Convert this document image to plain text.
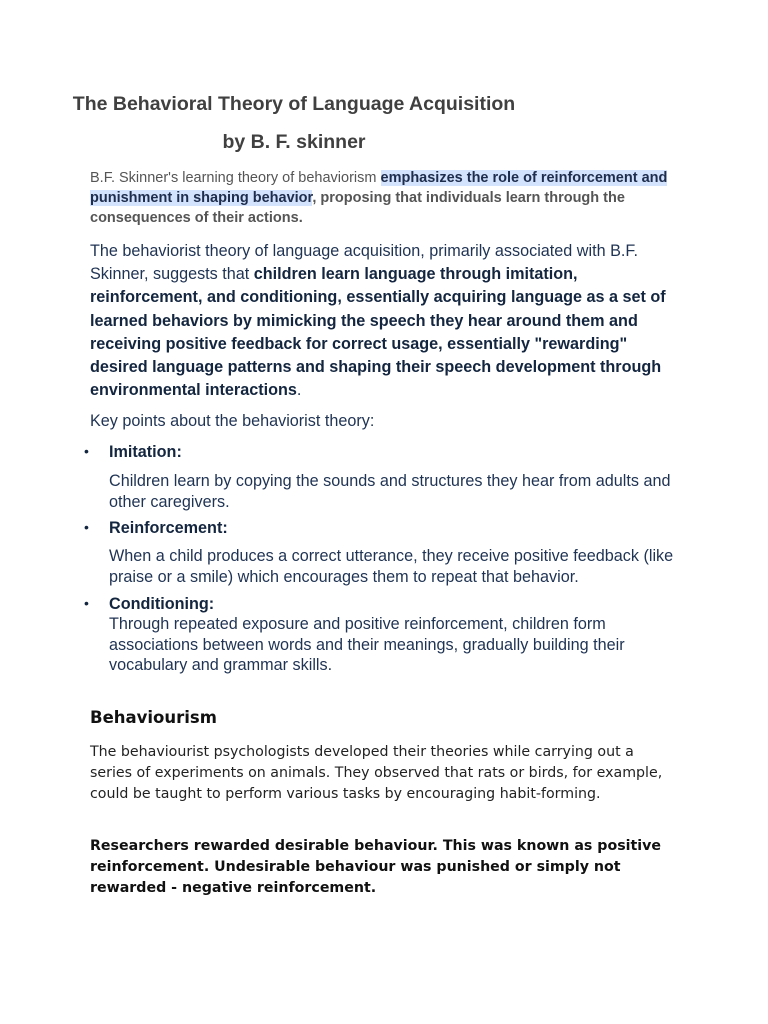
The Behavioral Theory of Language Acquisition
by B. F. skinner

B.F. Skinner's learning theory of behaviorism emphasizes the role of reinforcement and punishment in shaping behavior, proposing that individuals learn through the consequences of their actions.

The behaviorist theory of language acquisition, primarily associated with B.F. Skinner, suggests that children learn language through imitation, reinforcement, and conditioning, essentially acquiring language as a set of learned behaviors by mimicking the speech they hear around them and receiving positive feedback for correct usage, essentially "rewarding" desired language patterns and shaping their speech development through environmental interactions.

Key points about the behaviorist theory:

• Imitation:

Children learn by copying the sounds and structures they hear from adults and other caregivers.

• Reinforcement:

When a child produces a correct utterance, they receive positive feedback (like praise or a smile) which encourages them to repeat that behavior.

• Conditioning:

Through repeated exposure and positive reinforcement, children form associations between words and their meanings, gradually building their vocabulary and grammar skills.

Behaviourism

The behaviourist psychologists developed their theories while carrying out a series of experiments on animals. They observed that rats or birds, for example, could be taught to perform various tasks by encouraging habit-forming.

Researchers rewarded desirable behaviour. This was known as positive reinforcement. Undesirable behaviour was punished or simply not rewarded - negative reinforcement.
